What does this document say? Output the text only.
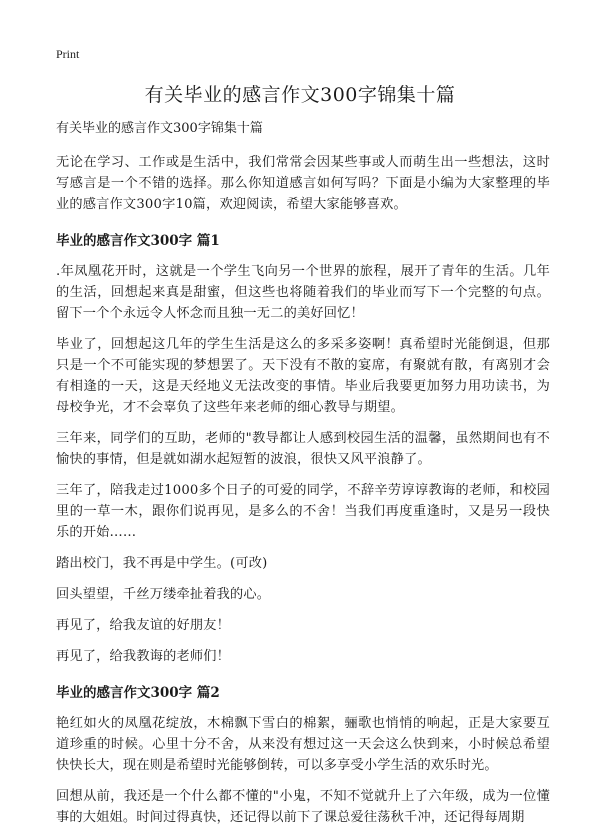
Print
有关毕业的感言作文300字锦集十篇
有关毕业的感言作文300字锦集十篇

无论在学习、工作或是生活中，我们常常会因某些事或人而萌生出一些想法，这时写感言是一个不错的选择。那么你知道感言如何写吗？下面是小编为大家整理的毕业的感言作文300字10篇，欢迎阅读，希望大家能够喜欢。

毕业的感言作文300字 篇1

.年凤凰花开时，这就是一个学生飞向另一个世界的旅程，展开了青年的生活。几年的生活，回想起来真是甜蜜，但这些也将随着我们的毕业而写下一个完整的句点。留下一个个永远令人怀念而且独一无二的美好回忆！

毕业了，回想起这几年的学生生活是这么的多采多姿啊！真希望时光能倒退，但那只是一个不可能实现的梦想罢了。天下没有不散的宴席，有聚就有散，有离别才会有相逢的一天，这是天经地义无法改变的事情。毕业后我要更加努力用功读书，为母校争光，才不会辜负了这些年来老师的细心教导与期望。

三年来，同学们的互助，老师的"教导都让人感到校园生活的温馨，虽然期间也有不愉快的事情，但是就如湖水起短暂的波浪，很快又风平浪静了。

三年了，陪我走过1000多个日子的可爱的同学，不辞辛劳谆谆教诲的老师，和校园里的一草一木，跟你们说再见，是多么的不舍！当我们再度重逢时，又是另一段快乐的开始……

踏出校门，我不再是中学生。(可改)

回头望望，千丝万缕牵扯着我的心。

再见了，给我友谊的好朋友！

再见了，给我教诲的老师们！

毕业的感言作文300字 篇2

艳红如火的凤凰花绽放，木棉飘下雪白的棉絮，骊歌也悄悄的响起，正是大家要互道珍重的时候。心里十分不舍，从来没有想过这一天会这么快到来，小时候总希望快快长大，现在则是希望时光能够倒转，可以多享受小学生活的欢乐时光。

回想从前，我还是一个什么都不懂的"小鬼，不知不觉就升上了六年级，成为一位懂事的大姐姐。时间过得真快，还记得以前下了课总爱往荡秋千冲，还记得每周期
